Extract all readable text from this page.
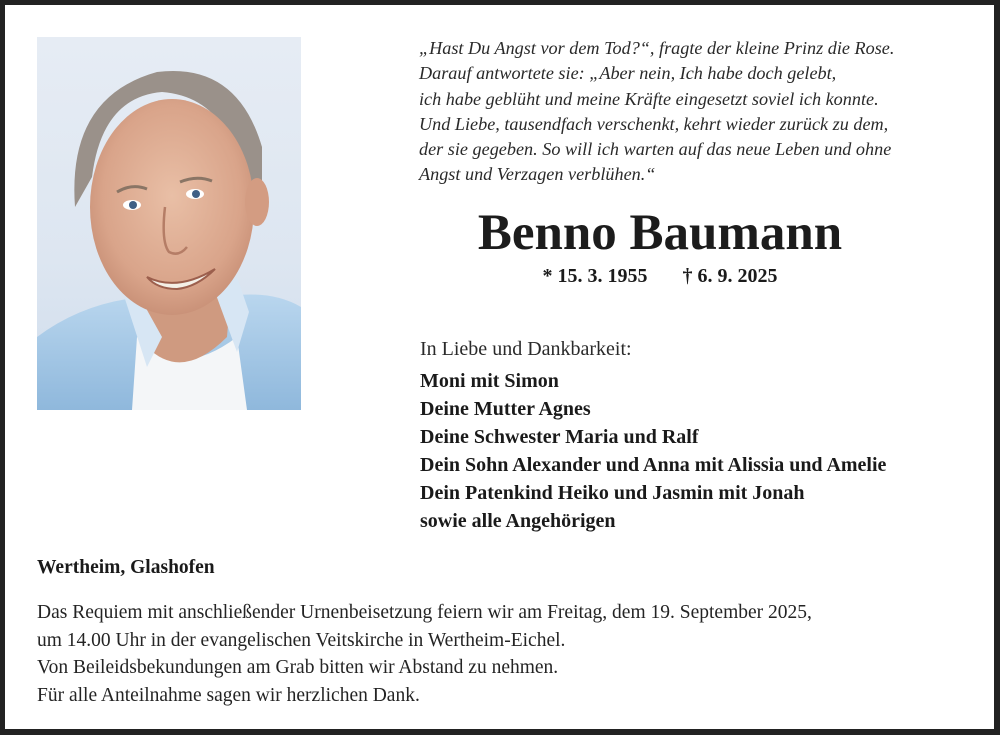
„Hast Du Angst vor dem Tod?“, fragte der kleine Prinz die Rose.
Darauf antwortete sie: „Aber nein, Ich habe doch gelebt,
ich habe geblüht und meine Kräfte eingesetzt soviel ich konnte.
Und Liebe, tausendfach verschenkt, kehrt wieder zurück zu dem,
der sie gegeben. So will ich warten auf das neue Leben und ohne
Angst und Verzagen verblühen.“
Benno Baumann
* 15. 3. 1955 † 6. 9. 2025
In Liebe und Dankbarkeit:
Moni mit Simon
Deine Mutter Agnes
Deine Schwester Maria und Ralf
Dein Sohn Alexander und Anna mit Alissia und Amelie
Dein Patenkind Heiko und Jasmin mit Jonah
sowie alle Angehörigen
Wertheim, Glashofen
Das Requiem mit anschließender Urnenbeisetzung feiern wir am Freitag, dem 19. September 2025,
um 14.00 Uhr in der evangelischen Veitskirche in Wertheim-Eichel.
Von Beileidsbekundungen am Grab bitten wir Abstand zu nehmen.
Für alle Anteilnahme sagen wir herzlichen Dank.
